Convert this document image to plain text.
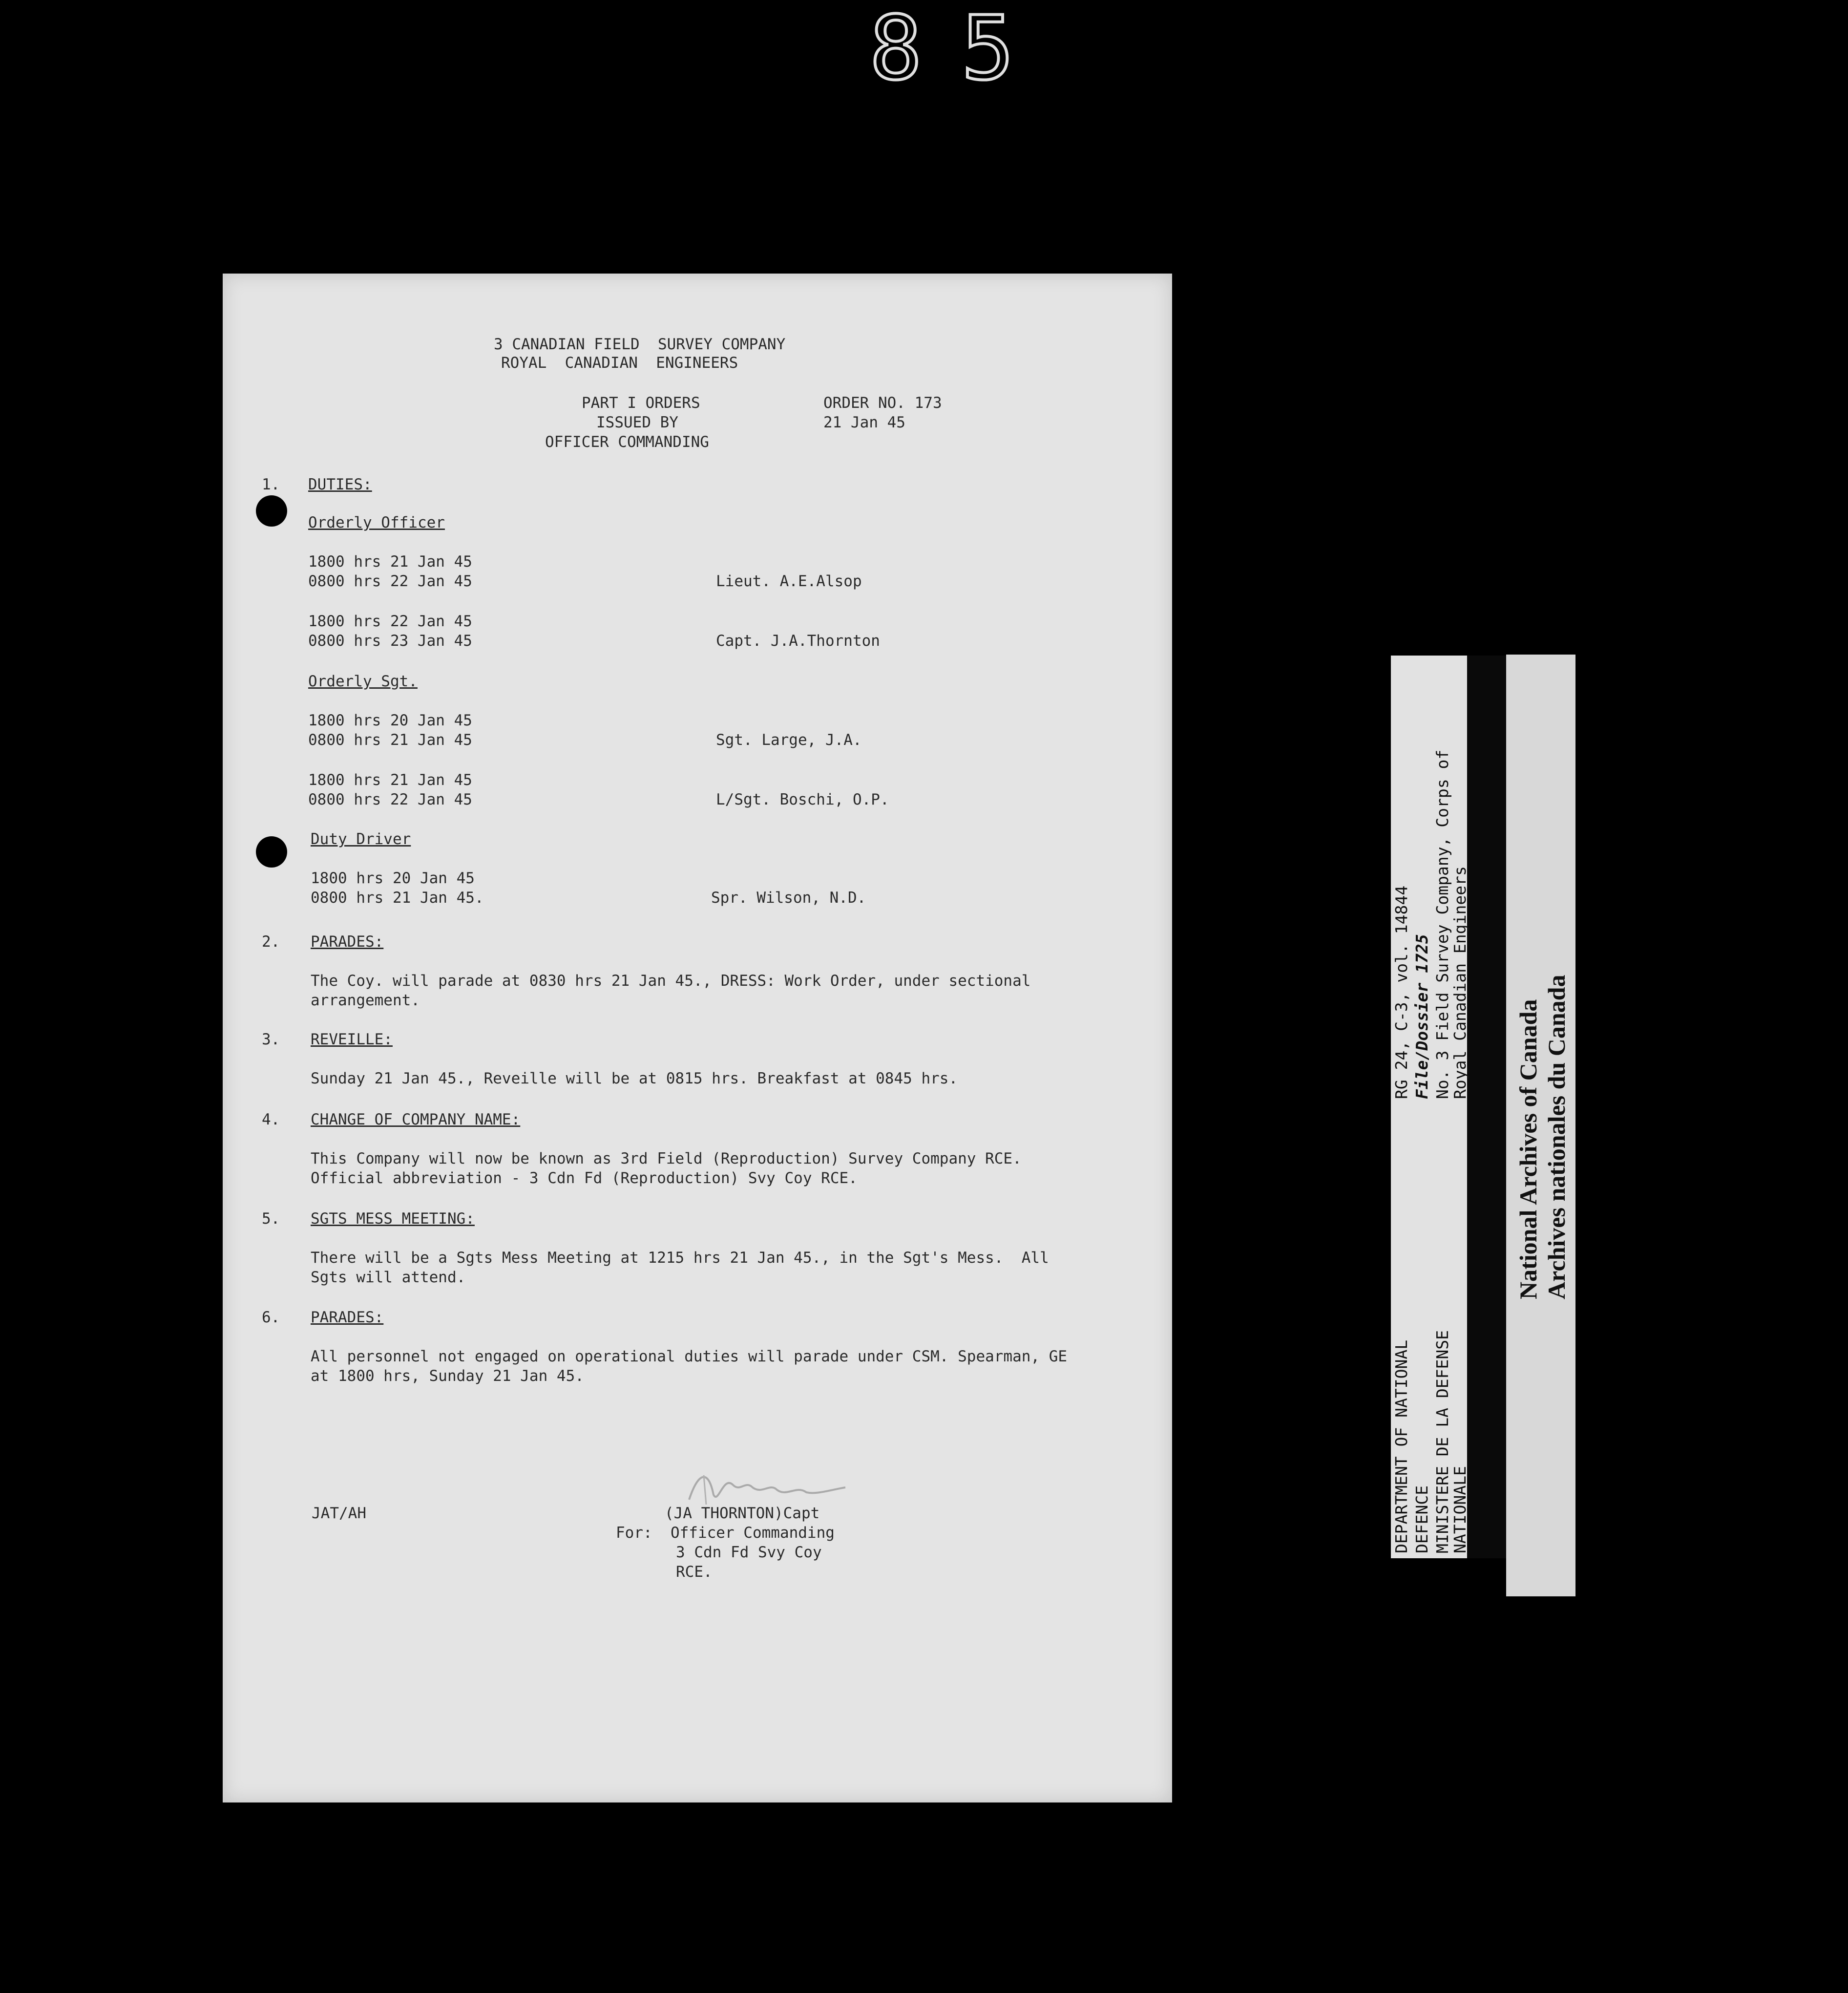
85
3 CANADIAN FIELD  SURVEY COMPANY
ROYAL  CANADIAN  ENGINEERS
PART I ORDERS
ISSUED BY
OFFICER COMMANDING
ORDER NO. 173
21 Jan 45
1. DUTIES:
Orderly Officer
1800 hrs 21 Jan 45
0800 hrs 22 Jan 45	Lieut. A.E.Alsop
1800 hrs 22 Jan 45
0800 hrs 23 Jan 45	Capt. J.A.Thornton
Orderly Sgt.
1800 hrs 20 Jan 45
0800 hrs 21 Jan 45	Sgt. Large, J.A.
1800 hrs 21 Jan 45
0800 hrs 22 Jan 45	L/Sgt. Boschi, O.P.
Duty Driver
1800 hrs 20 Jan 45
0800 hrs 21 Jan 45.	Spr. Wilson, N.D.
2. PARADES:
The Coy. will parade at 0830 hrs 21 Jan 45., DRESS: Work Order, under sectional
arrangement.
3. REVEILLE:
Sunday 21 Jan 45., Reveille will be at 0815 hrs. Breakfast at 0845 hrs.
4. CHANGE OF COMPANY NAME:
This Company will now be known as 3rd Field (Reproduction) Survey Company RCE.
Official abbreviation - 3 Cdn Fd (Reproduction) Svy Coy RCE.
5. SGTS MESS MEETING:
There will be a Sgts Mess Meeting at 1215 hrs 21 Jan 45., in the Sgt's Mess.  All
Sgts will attend.
6. PARADES:
All personnel not engaged on operational duties will parade under CSM. Spearman, GE
at 1800 hrs, Sunday 21 Jan 45.
JAT/AH	(JA THORNTON)Capt
For:  Officer Commanding
3 Cdn Fd Svy Coy
RCE.
DEPARTMENT OF NATIONAL DEFENCE MINISTERE DE LA DEFENSE
NATIONALE
RG 24, C-3, vol. 14844 File/Dossier 1725 No. 3 Field Survey Company, Corps of
Royal Canadian Engineers
National Archives of Canada Archives nationales du Canada
